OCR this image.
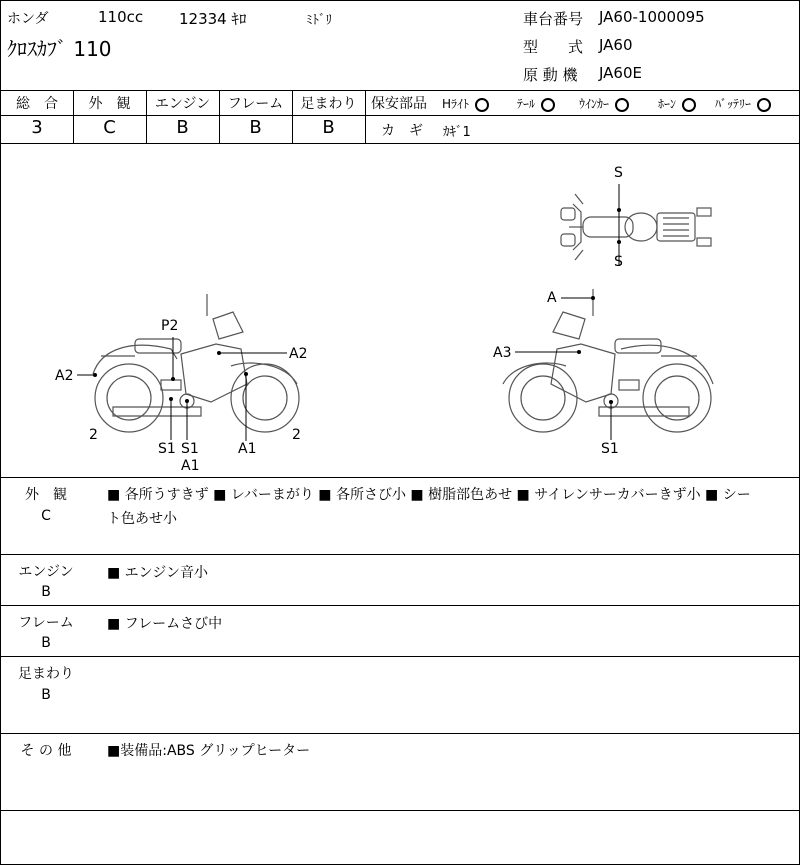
ホンダ	110cc 12334 ｷﾛ	ﾐﾄﾞﾘ
ｸﾛｽｶﾌﾞ 110
車台番号 JA60-1000095
型　　式 JA60
原 動 機 JA60E
総　合	外　観	エンジン	フレーム	足まわり
3	C	B	B	B
保安部品 Hﾗｲﾄ	ﾃｰﾙ	ｳｲﾝｶｰ	ﾎｰﾝ	ﾊﾞｯﾃﾘｰ
カ　ギ ｶｷﾞ1
S
S
P2
A2
A2
2
S1 S1
A1
A1
2
A
A3
S1
外　観
C
■ 各所うすきず ■ レバーまがり ■ 各所さび小 ■ 樹脂部色あせ ■ サイレンサーカバーきず小 ■ シー
ト色あせ小
エンジン
B
■ エンジン音小
フレーム
B
■ フレームさび中
足まわり
B
そ の 他	■装備品:ABS グリップヒーター
